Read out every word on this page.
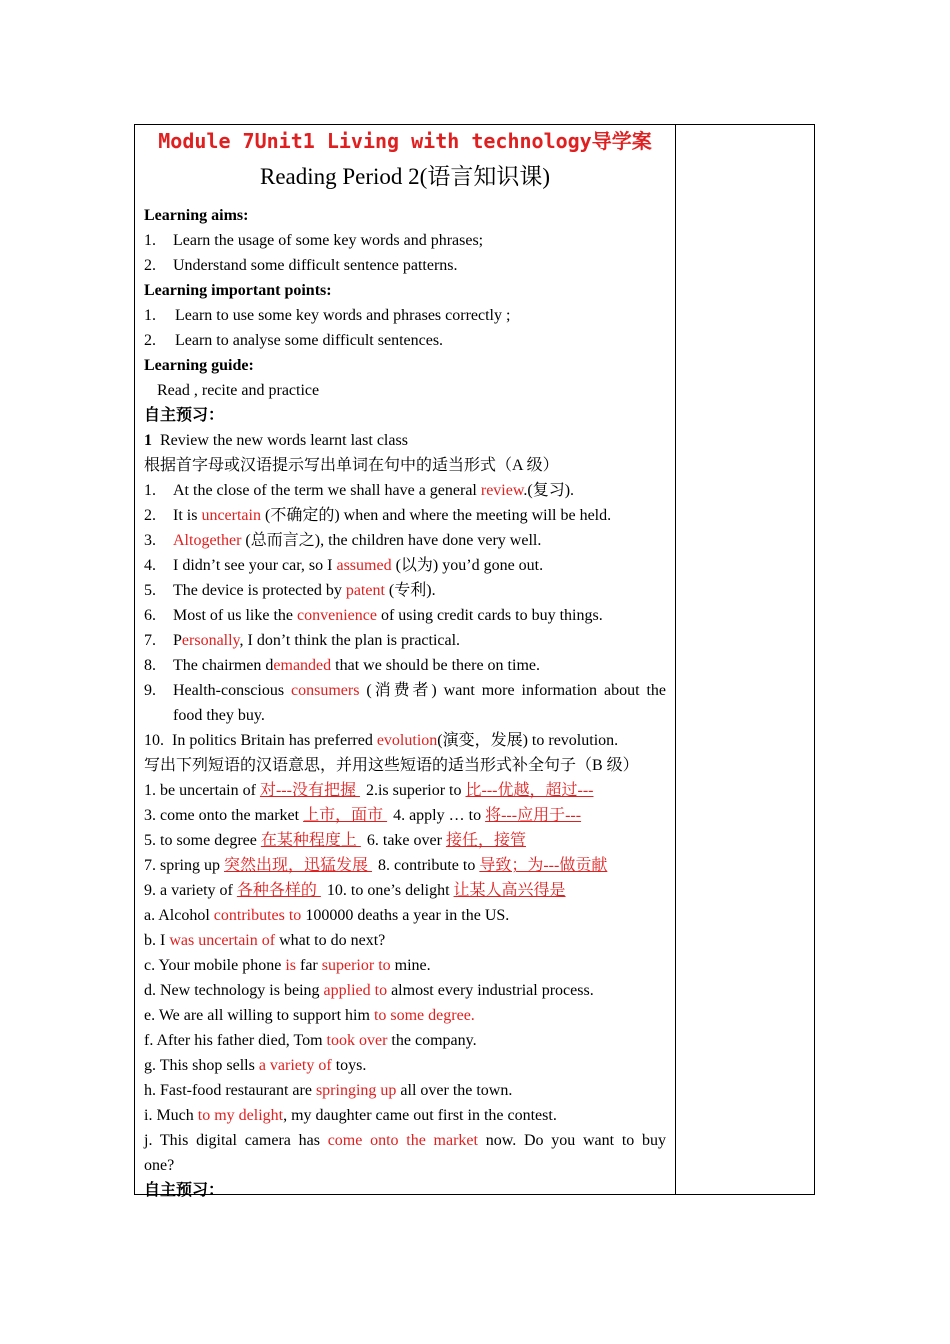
Module 7Unit1 Living with technology导学案
Reading Period 2(语言知识课)
Learning aims:
1. Learn the usage of some key words and phrases;
2. Understand some difficult sentence patterns.
Learning important points:
1. Learn to use some key words and phrases correctly ;
2. Learn to analyse some difficult sentences.
Learning guide:
Read , recite and practice
自主预习：
1 Review the new words learnt last class
根据首字母或汉语提示写出单词在句中的适当形式（A 级）
1. At the close of the term we shall have a general review.(复习).
2. It is uncertain (不确定的) when and where the meeting will be held.
3. Altogether (总而言之), the children have done very well.
4. I didn’t see your car, so I assumed (以为) you’d gone out.
5. The device is protected by patent (专利).
6. Most of us like the convenience of using credit cards to buy things.
7. Personally, I don’t think the plan is practical.
8. The chairmen demanded that we should be there on time.
9. Health-conscious consumers (消费者) want more information about the
food they buy.
10. In politics Britain has preferred evolution(演变，发展) to revolution.
写出下列短语的汉语意思，并用这些短语的适当形式补全句子（B 级）
1. be uncertain of 对---没有把握 2.is superior to 比---优越，超过---
3. come onto the market 上市，面市 4. apply … to 将---应用于---
5. to some degree 在某种程度上 6. take over 接任，接管
7. spring up 突然出现，迅猛发展 8. contribute to 导致；为---做贡献
9. a variety of 各种各样的 10. to one’s delight 让某人高兴得是
a. Alcohol contributes to 100000 deaths a year in the US.
b. I was uncertain of what to do next?
c. Your mobile phone is far superior to mine.
d. New technology is being applied to almost every industrial process.
e. We are all willing to support him to some degree.
f. After his father died, Tom took over the company.
g. This shop sells a variety of toys.
h. Fast-food restaurant are springing up all over the town.
i. Much to my delight, my daughter came out first in the contest.
j. This digital camera has come onto the market now. Do you want to buy
one?
自主预习：
